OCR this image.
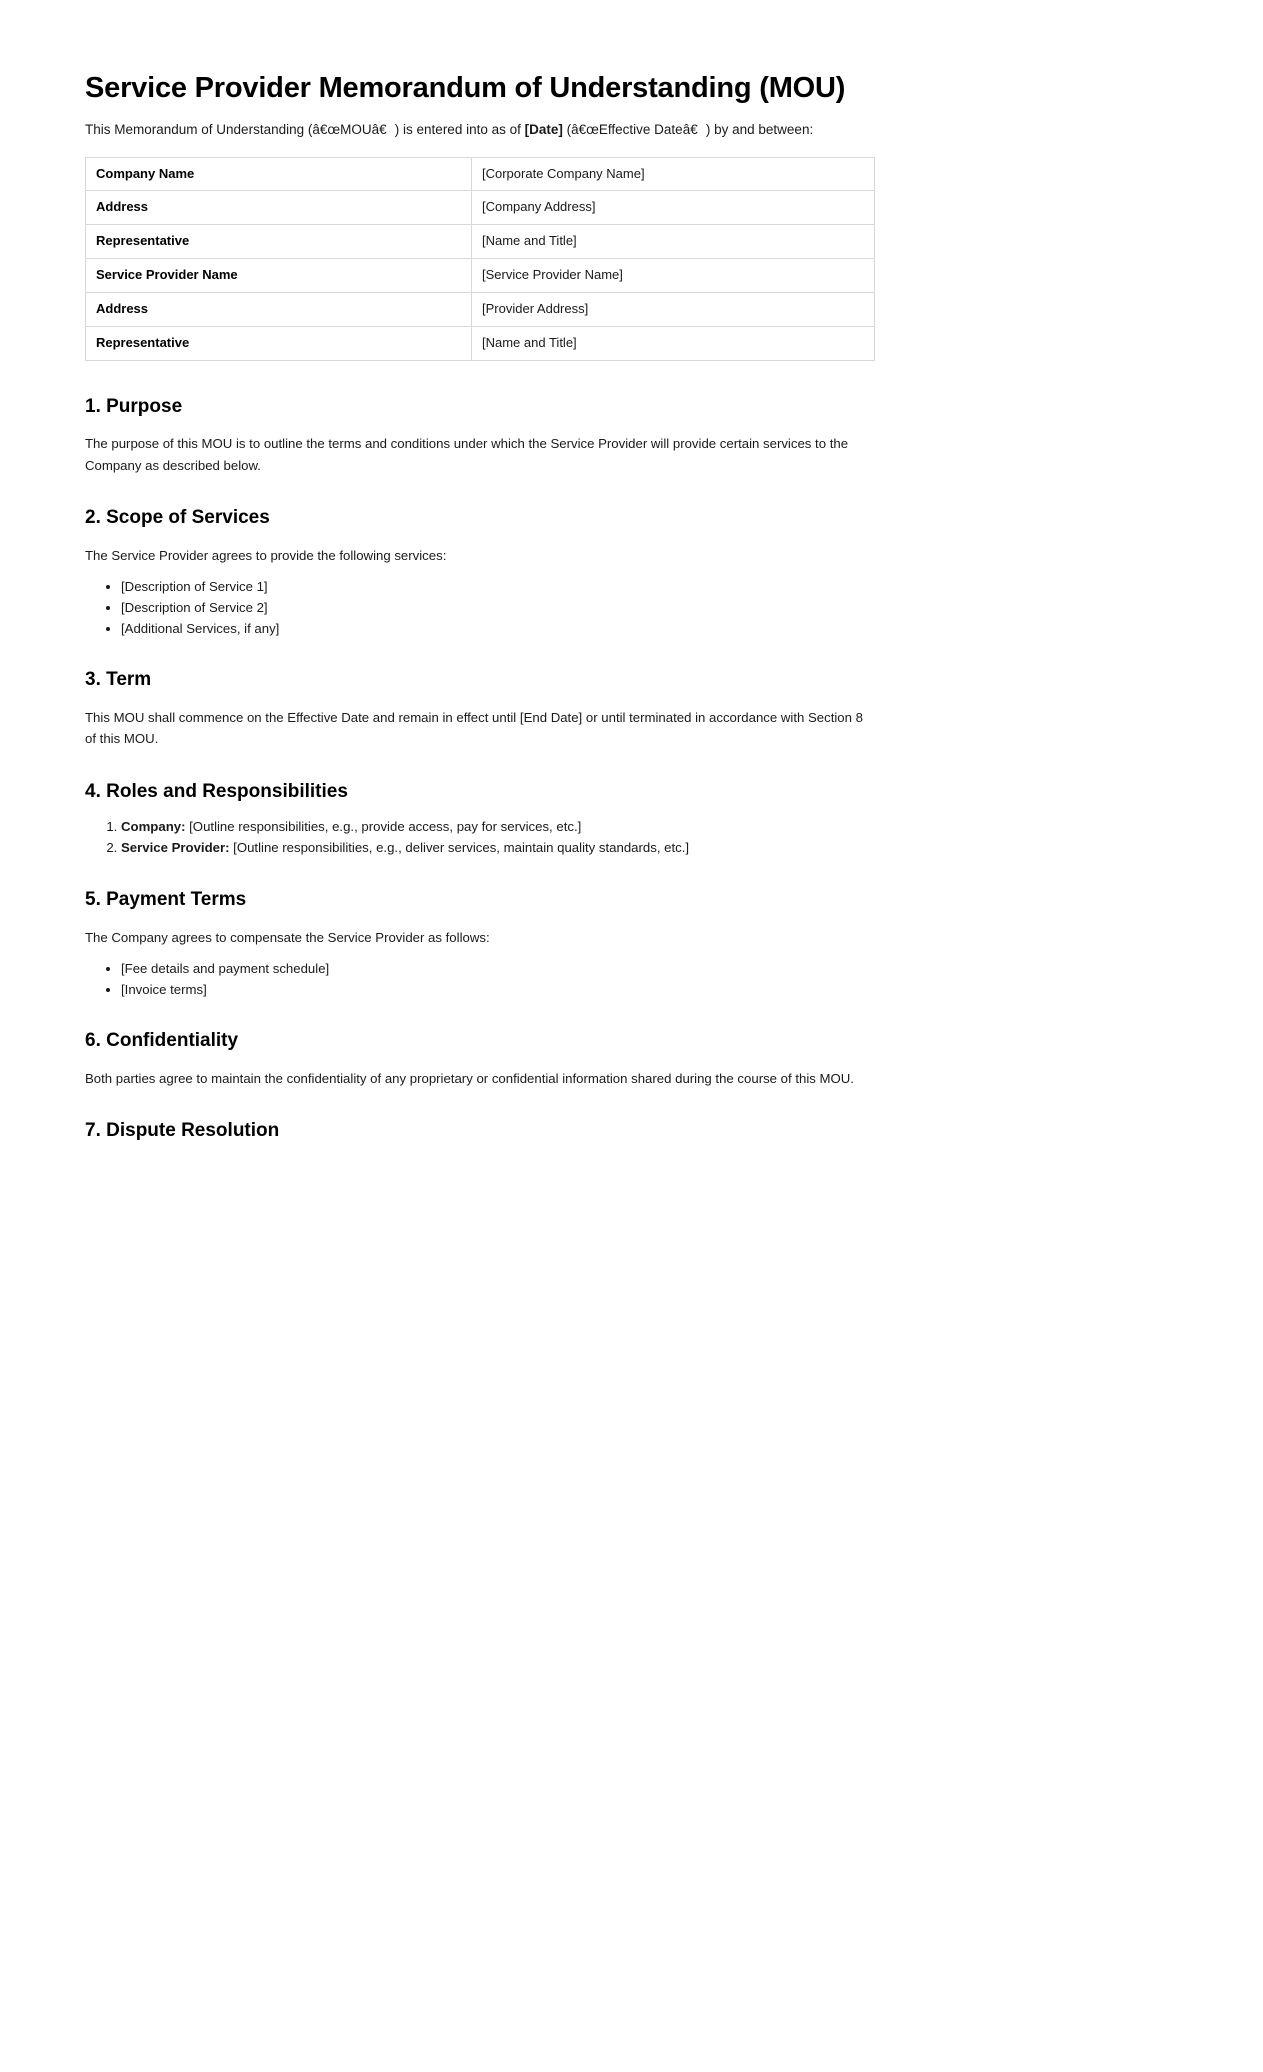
Service Provider Memorandum of Understanding (MOU)

This Memorandum of Understanding (â€œMOUâ€) is entered into as of [Date] (â€œEffective Dateâ€) by and between:

Company Name	[Corporate Company Name]
Address	[Company Address]
Representative	[Name and Title]
Service Provider Name	[Service Provider Name]
Address	[Provider Address]
Representative	[Name and Title]
1. Purpose

The purpose of this MOU is to outline the terms and conditions under which the Service Provider will provide certain services to the Company as described below.

2. Scope of Services

The Service Provider agrees to provide the following services:

• [Description of Service 1]
• [Description of Service 2]
• [Additional Services, if any]
3. Term

This MOU shall commence on the Effective Date and remain in effect until [End Date] or until terminated in accordance with Section 8 of this MOU.

4. Roles and Responsibilities
1. Company: [Outline responsibilities, e.g., provide access, pay for services, etc.]
2. Service Provider: [Outline responsibilities, e.g., deliver services, maintain quality standards, etc.]
5. Payment Terms

The Company agrees to compensate the Service Provider as follows:

• [Fee details and payment schedule]
• [Invoice terms]
6. Confidentiality

Both parties agree to maintain the confidentiality of any proprietary or confidential information shared during the course of this MOU.

7. Dispute Resolution
